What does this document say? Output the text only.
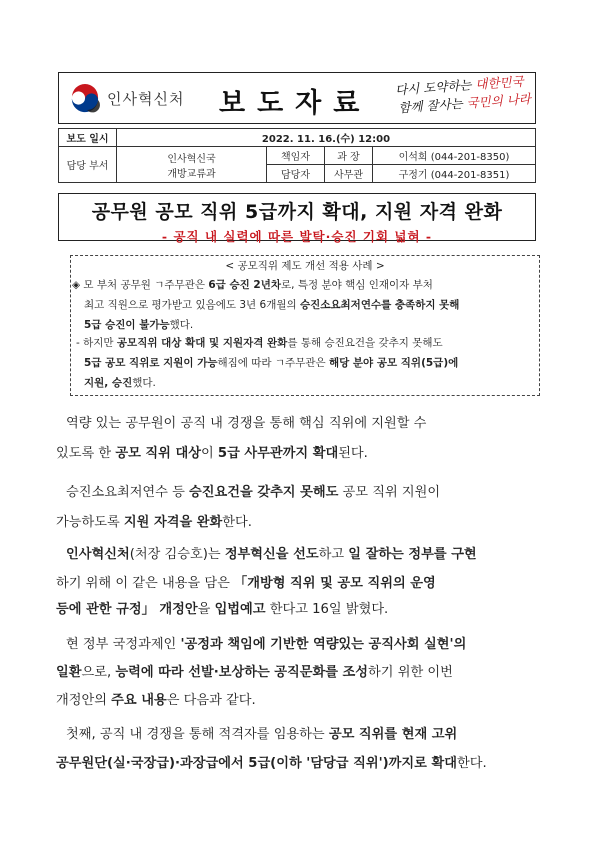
인사혁신처 보도자료
다시 도약하는 대한민국
함께 잘사는 국민의 나라
보도 일시	2022. 11. 16.(수) 12:00			
담당 부서	인사혁신국
개방교류과	책임자	과 장	이석희 (044-201-8350)
		담당자	사무관	구정기 (044-201-8351)
공무원 공모 직위 5급까지 확대, 지원 자격 완화
- 공직 내 실력에 따른 발탁·승진 기회 넓혀 -
< 공모직위 제도 개선 적용 사례 >
◈ 모 부처 공무원 ㄱ주무관은 6급 승진 2년차로, 특정 분야 핵심 인재이자 부처
최고 직원으로 평가받고 있음에도 3년 6개월의 승진소요최저연수를 충족하지 못해
5급 승진이 불가능했다.
- 하지만 공모직위 대상 확대 및 지원자격 완화를 통해 승진요건을 갖추지 못해도
5급 공모 직위로 지원이 가능해짐에 따라 ㄱ주무관은 해당 분야 공모 직위(5급)에
지원, 승진했다.
역량 있는 공무원이 공직 내 경쟁을 통해 핵심 직위에 지원할 수
있도록 한 공모 직위 대상이 5급 사무관까지 확대된다.
승진소요최저연수 등 승진요건을 갖추지 못해도 공모 직위 지원이
가능하도록 지원 자격을 완화한다.
인사혁신처(처장 김승호)는 정부혁신을 선도하고 일 잘하는 정부를 구현
하기 위해 이 같은 내용을 담은 「개방형 직위 및 공모 직위의 운영
등에 관한 규정」 개정안을 입법예고 한다고 16일 밝혔다.
현 정부 국정과제인 '공정과 책임에 기반한 역량있는 공직사회 실현'의
일환으로, 능력에 따라 선발·보상하는 공직문화를 조성하기 위한 이번
개정안의 주요 내용은 다음과 같다.
첫째, 공직 내 경쟁을 통해 적격자를 임용하는 공모 직위를 현재 고위
공무원단(실·국장급)·과장급에서 5급(이하 '담당급 직위')까지로 확대한다.
